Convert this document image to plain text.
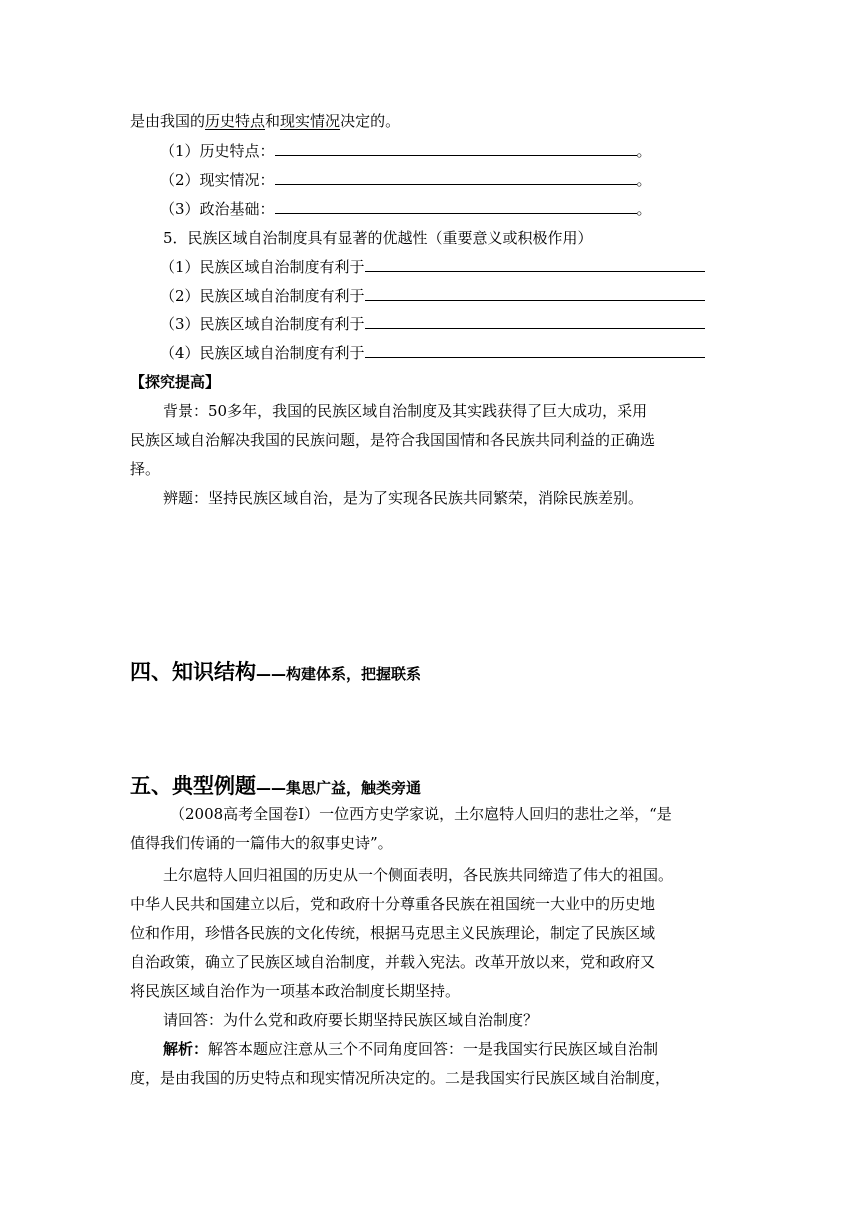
是由我国的历史特点和现实情况决定的。
（1）历史特点：	。
（2）现实情况：	。
（3）政治基础：	。
5．民族区域自治制度具有显著的优越性（重要意义或积极作用）
（1）民族区域自治制度有利于
（2）民族区域自治制度有利于
（3）民族区域自治制度有利于
（4）民族区域自治制度有利于
【探究提高】
背景：50多年，我国的民族区域自治制度及其实践获得了巨大成功，采用
民族区域自治解决我国的民族问题，是符合我国国情和各民族共同利益的正确选
择。
辨题：坚持民族区域自治，是为了实现各民族共同繁荣，消除民族差别。
四、知识结构——构建体系，把握联系
五、典型例题——集思广益，触类旁通
（2008高考全国卷Ⅰ）一位西方史学家说，土尔扈特人回归的悲壮之举，“是
值得我们传诵的一篇伟大的叙事史诗”。
土尔扈特人回归祖国的历史从一个侧面表明，各民族共同缔造了伟大的祖国。
中华人民共和国建立以后，党和政府十分尊重各民族在祖国统一大业中的历史地
位和作用，珍惜各民族的文化传统，根据马克思主义民族理论，制定了民族区域
自治政策，确立了民族区域自治制度，并载入宪法。改革开放以来，党和政府又
将民族区域自治作为一项基本政治制度长期坚持。
请回答：为什么党和政府要长期坚持民族区域自治制度？
解析：解答本题应注意从三个不同角度回答：一是我国实行民族区域自治制
度，是由我国的历史特点和现实情况所决定的。二是我国实行民族区域自治制度，
